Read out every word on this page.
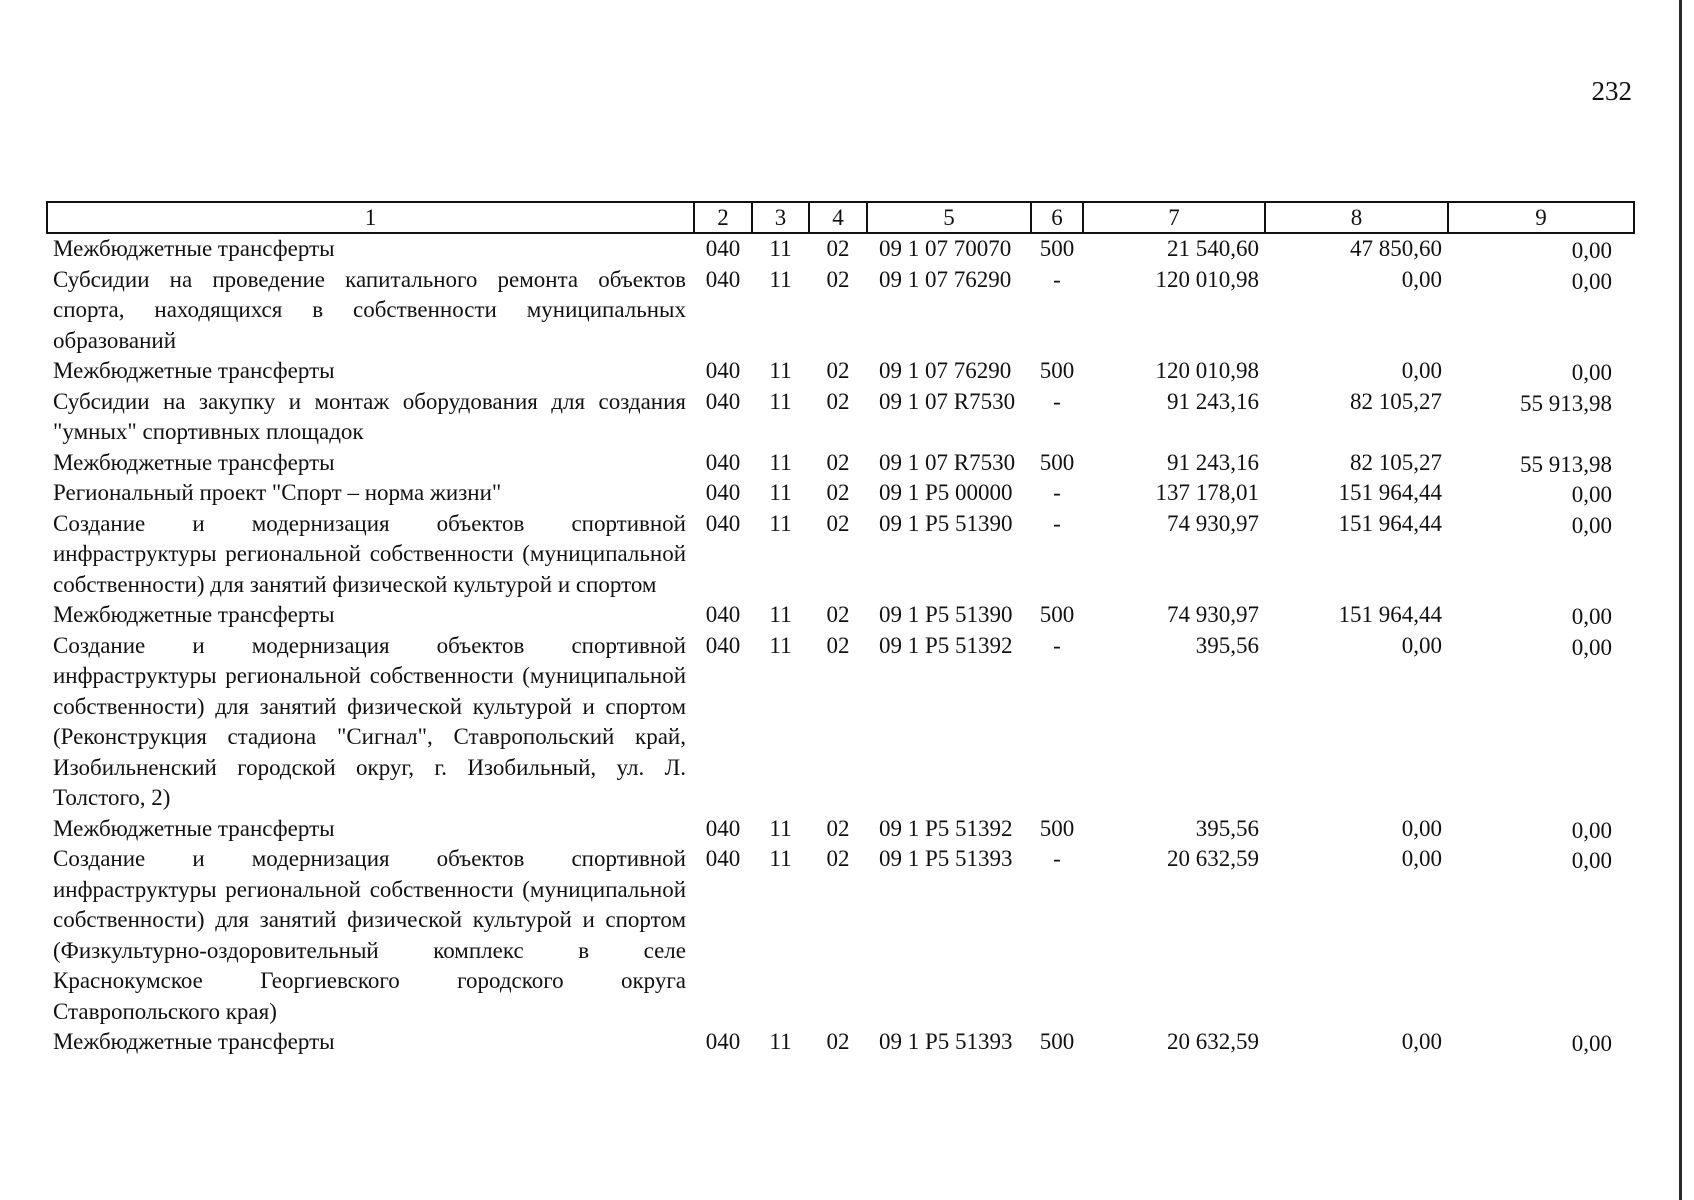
232
1	2	3	4	5	6	7	8	9
Межбюджетные трансферты	040	11	02	09 1 07 70070	500	21 540,60	47 850,60	0,00
Субсидии на проведение капитального ремонта объектов спорта, находящихся в собственности муниципальных образований	040	11	02	09 1 07 76290	-	120 010,98	0,00	0,00
Межбюджетные трансферты	040	11	02	09 1 07 76290	500	120 010,98	0,00	0,00
Субсидии на закупку и монтаж оборудования для создания "умных" спортивных площадок	040	11	02	09 1 07 R7530	-	91 243,16	82 105,27	55 913,98
Межбюджетные трансферты	040	11	02	09 1 07 R7530	500	91 243,16	82 105,27	55 913,98
Региональный проект "Спорт – норма жизни"	040	11	02	09 1 P5 00000	-	137 178,01	151 964,44	0,00
Создание и модернизация объектов спортивной инфраструктуры региональной собственности (муниципальной собственности) для занятий физической культурой и спортом	040	11	02	09 1 P5 51390	-	74 930,97	151 964,44	0,00
Межбюджетные трансферты	040	11	02	09 1 P5 51390	500	74 930,97	151 964,44	0,00
Создание и модернизация объектов спортивной инфраструктуры региональной собственности (муниципальной собственности) для занятий физической культурой и спортом (Реконструкция стадиона "Сигнал", Ставропольский край, Изобильненский городской округ, г. Изобильный, ул. Л. Толстого, 2)	040	11	02	09 1 P5 51392	-	395,56	0,00	0,00
Межбюджетные трансферты	040	11	02	09 1 P5 51392	500	395,56	0,00	0,00
Создание и модернизация объектов спортивной инфраструктуры региональной собственности (муниципальной собственности) для занятий физической культурой и спортом (Физкультурно-оздоровительный комплекс в селе Краснокумское Георгиевского городского округа Ставропольского края)	040	11	02	09 1 P5 51393	-	20 632,59	0,00	0,00
Межбюджетные трансферты	040	11	02	09 1 P5 51393	500	20 632,59	0,00	0,00
